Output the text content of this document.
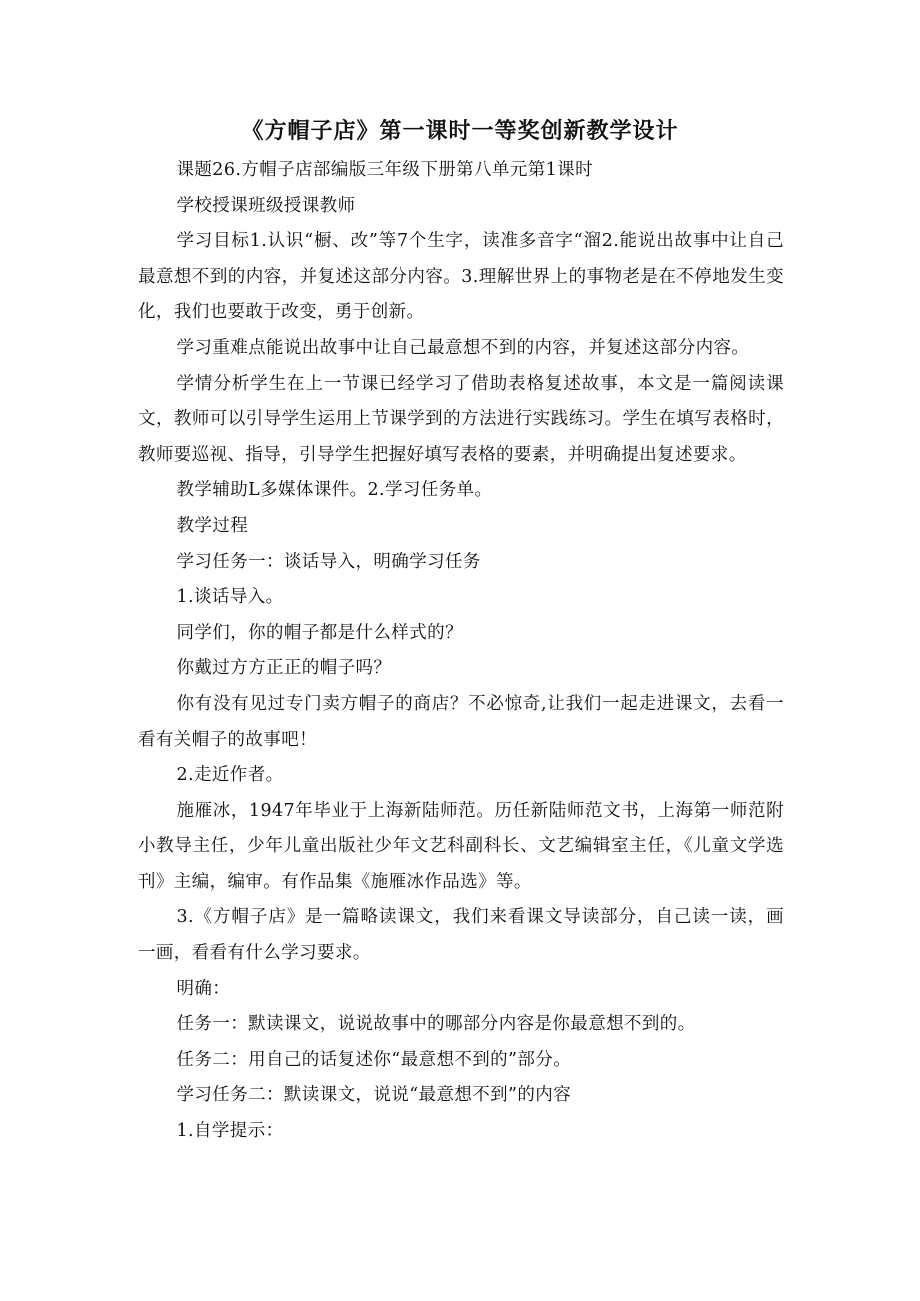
《方帽子店》第一课时一等奖创新教学设计

课题26.方帽子店部编版三年级下册第八单元第1课时

学校授课班级授课教师

学习目标1.认识“橱、改”等7个生字，读准多音字“溜2.能说出故事中让自己最意想不到的内容，并复述这部分内容。3.理解世界上的事物老是在不停地发生变化，我们也要敢于改变，勇于创新。

学习重难点能说出故事中让自己最意想不到的内容，并复述这部分内容。

学情分析学生在上一节课已经学习了借助表格复述故事，本文是一篇阅读课文，教师可以引导学生运用上节课学到的方法进行实践练习。学生在填写表格时，教师要巡视、指导，引导学生把握好填写表格的要素，并明确提出复述要求。

教学辅助L多媒体课件。2.学习任务单。

教学过程

学习任务一：谈话导入，明确学习任务

1.谈话导入。

同学们，你的帽子都是什么样式的？

你戴过方方正正的帽子吗？

你有没有见过专门卖方帽子的商店？不必惊奇,让我们一起走进课文，去看一看有关帽子的故事吧！

2.走近作者。

施雁冰，1947年毕业于上海新陆师范。历任新陆师范文书，上海第一师范附小教导主任，少年儿童出版社少年文艺科副科长、文艺编辑室主任，《儿童文学选刊》主编，编审。有作品集《施雁冰作品选》等。

3.《方帽子店》是一篇略读课文，我们来看课文导读部分，自己读一读，画一画，看看有什么学习要求。

明确：

任务一：默读课文，说说故事中的哪部分内容是你最意想不到的。

任务二：用自己的话复述你“最意想不到的”部分。

学习任务二：默读课文，说说“最意想不到”的内容

1.自学提示：
